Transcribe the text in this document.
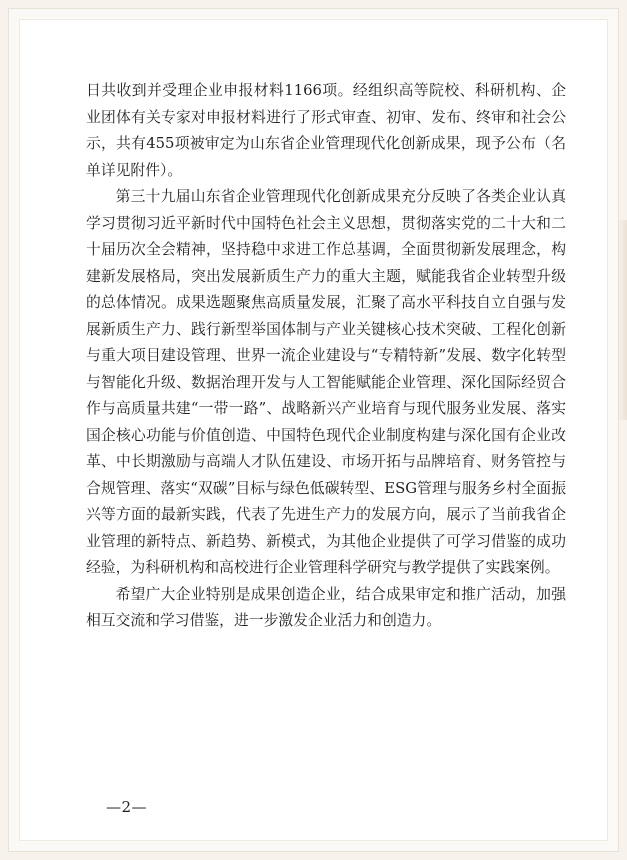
日共收到并受理企业申报材料1166项。经组织高等院校、科研机构、企业团体有关专家对申报材料进行了形式审查、初审、发布、终审和社会公示，共有455项被审定为山东省企业管理现代化创新成果，现予公布（名单详见附件）。

第三十九届山东省企业管理现代化创新成果充分反映了各类企业认真学习贯彻习近平新时代中国特色社会主义思想，贯彻落实党的二十大和二十届历次全会精神，坚持稳中求进工作总基调，全面贯彻新发展理念，构建新发展格局，突出发展新质生产力的重大主题，赋能我省企业转型升级的总体情况。成果选题聚焦高质量发展，汇聚了高水平科技自立自强与发展新质生产力、践行新型举国体制与产业关键核心技术突破、工程化创新与重大项目建设管理、世界一流企业建设与“专精特新”发展、数字化转型与智能化升级、数据治理开发与人工智能赋能企业管理、深化国际经贸合作与高质量共建“一带一路”、战略新兴产业培育与现代服务业发展、落实国企核心功能与价值创造、中国特色现代企业制度构建与深化国有企业改革、中长期激励与高端人才队伍建设、市场开拓与品牌培育、财务管控与合规管理、落实“双碳”目标与绿色低碳转型、ESG管理与服务乡村全面振兴等方面的最新实践，代表了先进生产力的发展方向，展示了当前我省企业管理的新特点、新趋势、新模式，为其他企业提供了可学习借鉴的成功经验，为科研机构和高校进行企业管理科学研究与教学提供了实践案例。

希望广大企业特别是成果创造企业，结合成果审定和推广活动，加强相互交流和学习借鉴，进一步激发企业活力和创造力。

—2—
